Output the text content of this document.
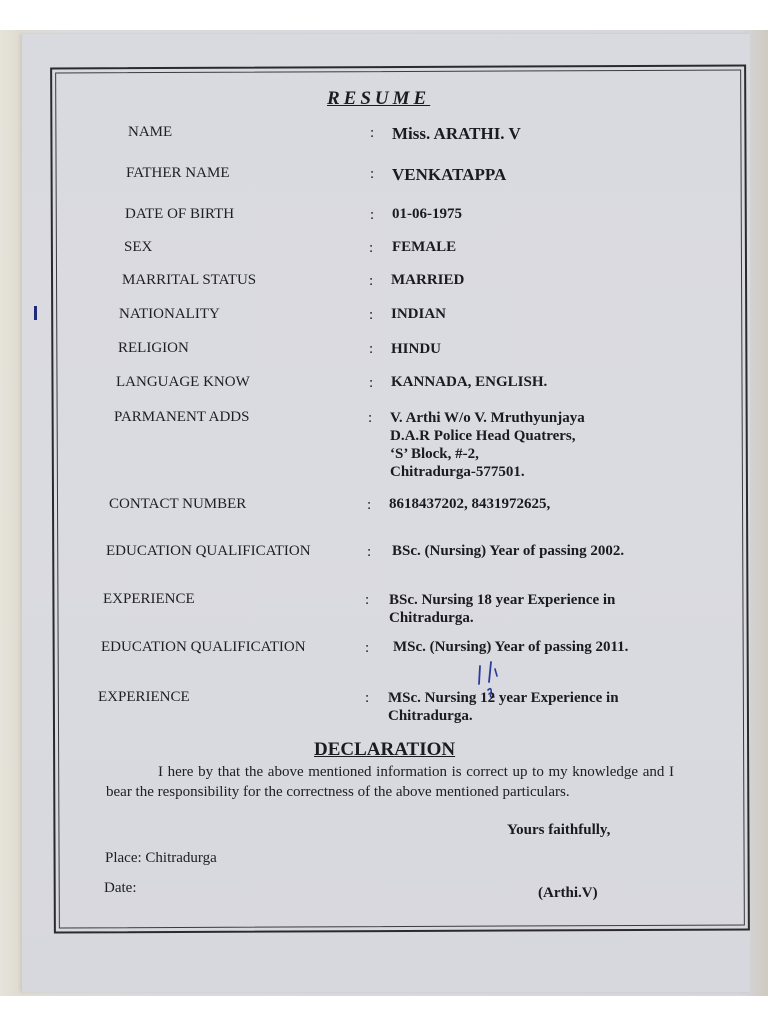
RESUME
NAME	: Miss. ARATHI. V
FATHER NAME	: VENKATAPPA
DATE OF BIRTH	: 01-06-1975
SEX	: FEMALE
MARRITAL STATUS	: MARRIED
NATIONALITY	: INDIAN
RELIGION	: HINDU
LANGUAGE KNOW	: KANNADA, ENGLISH.
PARMANENT ADDS	: V. Arthi W/o V. Mruthyunjaya
D.A.R Police Head Quatrers,
‘S’ Block, #-2,
Chitradurga-577501.
CONTACT NUMBER	: 8618437202, 8431972625,
EDUCATION QUALIFICATION	: BSc. (Nursing) Year of passing 2002.
EXPERIENCE	: BSc. Nursing 18 year Experience in
Chitradurga.
EDUCATION QUALIFICATION	: MSc. (Nursing) Year of passing 2011.
EXPERIENCE	: MSc. Nursing 12 year Experience in
Chitradurga.
DECLARATION
I here by that the above mentioned information is correct up to my knowledge and I bear the responsibility for the correctness of the above mentioned particulars.
Yours faithfully,
Place: Chitradurga
Date:	(Arthi.V)
